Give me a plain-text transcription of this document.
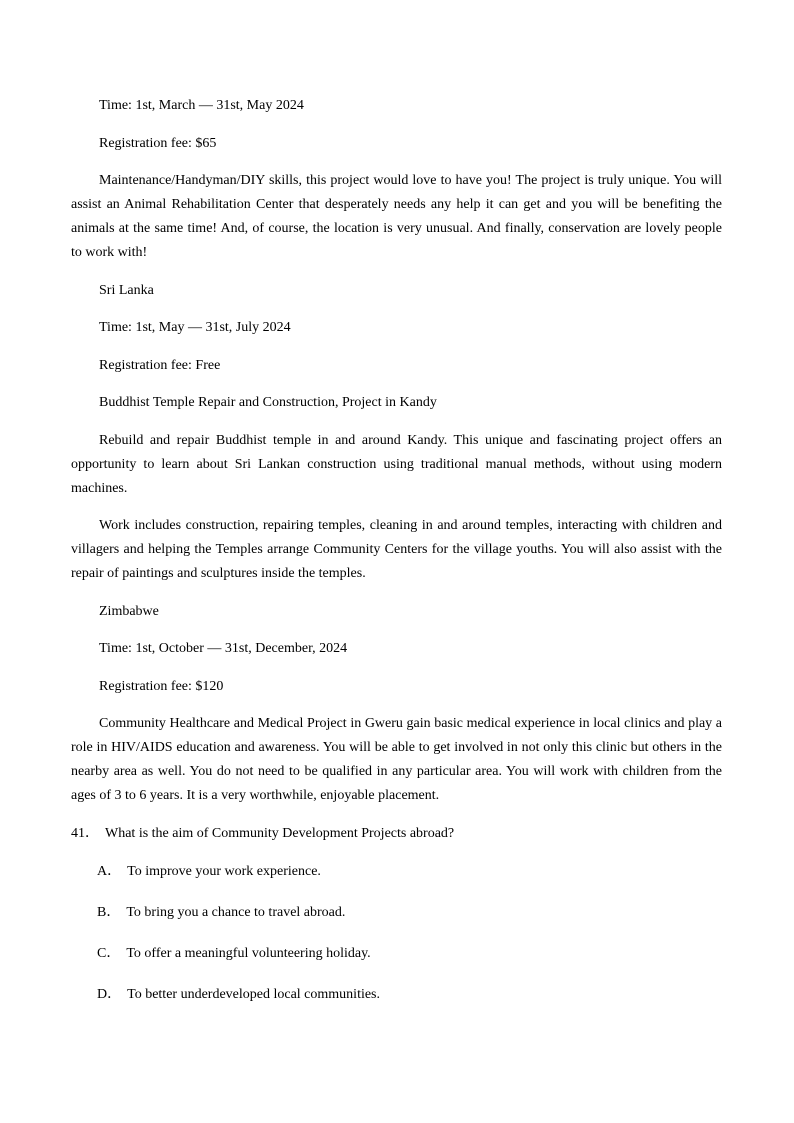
Time: 1st, March — 31st, May 2024

Registration fee: $65

Maintenance/Handyman/DIY skills, this project would love to have you! The project is truly unique. You will assist an Animal Rehabilitation Center that desperately needs any help it can get and you will be benefiting the animals at the same time! And, of course, the location is very unusual. And finally, conservation are lovely people to work with!

Sri Lanka

Time: 1st, May — 31st, July 2024

Registration fee: Free

Buddhist Temple Repair and Construction, Project in Kandy

Rebuild and repair Buddhist temple in and around Kandy. This unique and fascinating project offers an opportunity to learn about Sri Lankan construction using traditional manual methods, without using modern machines.

Work includes construction, repairing temples, cleaning in and around temples, interacting with children and villagers and helping the Temples arrange Community Centers for the village youths. You will also assist with the repair of paintings and sculptures inside the temples.

Zimbabwe

Time: 1st, October — 31st, December, 2024

Registration fee: $120

Community Healthcare and Medical Project in Gweru gain basic medical experience in local clinics and play a role in HIV/AIDS education and awareness. You will be able to get involved in not only this clinic but others in the nearby area as well. You do not need to be qualified in any particular area. You will work with children from the ages of 3 to 6 years. It is a very worthwhile, enjoyable placement.

41． What is the aim of Community Development Projects abroad?

A． To improve your work experience.

B． To bring you a chance to travel abroad.

C． To offer a meaningful volunteering holiday.

D． To better underdeveloped local communities.
